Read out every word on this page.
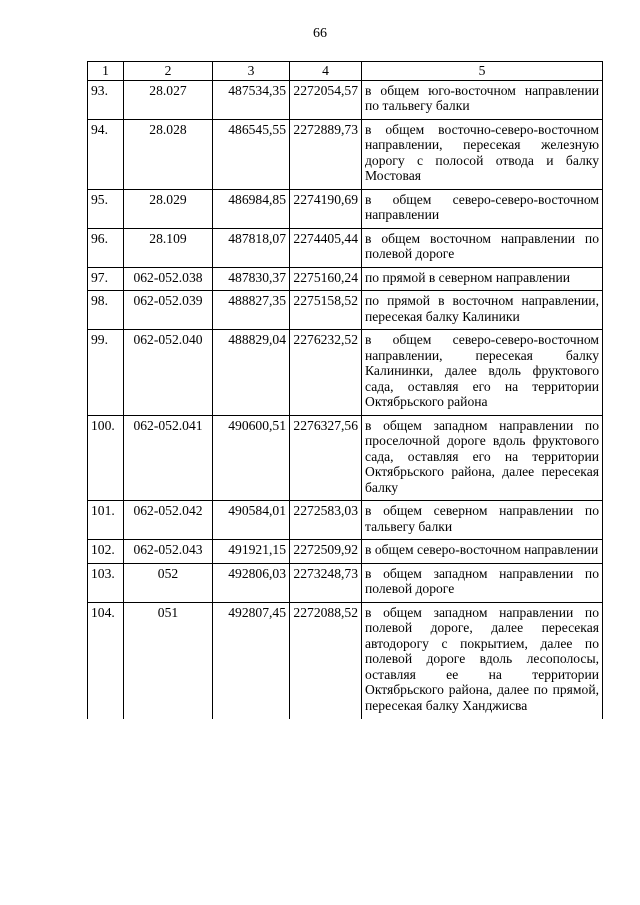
66
1	2	3	4	5
93.	28.027	487534,35	2272054,57	в общем юго-восточном направлении по тальвегу балки
94.	28.028	486545,55	2272889,73	в общем восточно-северо-восточном направлении, пересекая железную дорогу с полосой отвода и балку Мостовая
95.	28.029	486984,85	2274190,69	в общем северо-северо-восточном направлении
96.	28.109	487818,07	2274405,44	в общем восточном направлении по полевой дороге
97.	062-052.038	487830,37	2275160,24	по прямой в северном направлении
98.	062-052.039	488827,35	2275158,52	по прямой в восточном направлении, пересекая балку Калиники
99.	062-052.040	488829,04	2276232,52	в общем северо-северо-восточном направлении, пересекая балку Калининки, далее вдоль фруктового сада, оставляя его на территории Октябрьского района
100.	062-052.041	490600,51	2276327,56	в общем западном направлении по проселочной дороге вдоль фруктового сада, оставляя его на территории Октябрьского района, далее пересекая балку
101.	062-052.042	490584,01	2272583,03	в общем северном направлении по тальвегу балки
102.	062-052.043	491921,15	2272509,92	в общем северо-восточном направлении
103.	052	492806,03	2273248,73	в общем западном направлении по полевой дороге
104.	051	492807,45	2272088,52	в общем западном направлении по полевой дороге, далее пересекая автодорогу с покрытием, далее по полевой дороге вдоль лесополосы, оставляя ее на территории Октябрьского района, далее по прямой, пересекая балку Ханджисва
